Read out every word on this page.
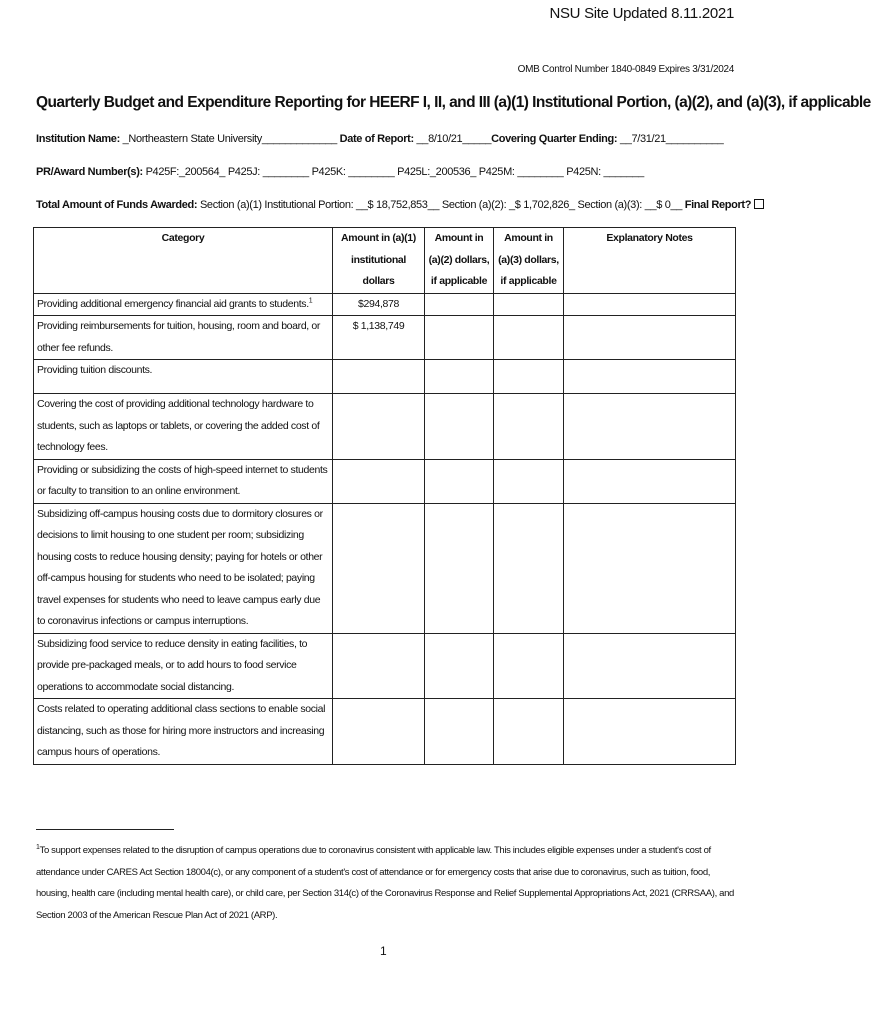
NSU Site Updated 8.11.2021
OMB Control Number 1840-0849 Expires 3/31/2024
Quarterly Budget and Expenditure Reporting for HEERF I, II, and III (a)(1) Institutional Portion, (a)(2), and (a)(3), if applicable
Institution Name: _Northeastern State University_____________ Date of Report: __8/10/21_____Covering Quarter Ending: __7/31/21__________
PR/Award Number(s): P425F:_200564_ P425J: ________ P425K: ________ P425L:_200536_ P425M: ________ P425N: _______
Total Amount of Funds Awarded: Section (a)(1) Institutional Portion: __$ 18,752,853__ Section (a)(2): _$ 1,702,826_ Section (a)(3): __$ 0__ Final Report?
Category	Amount in (a)(1) institutional dollars	Amount in (a)(2) dollars, if applicable	Amount in (a)(3) dollars, if applicable	Explanatory Notes
Providing additional emergency financial aid grants to students.$^1$	$294,878			
Providing reimbursements for tuition, housing, room and board, or other fee refunds.	$ 1,138,749			
Providing tuition discounts.				
Covering the cost of providing additional technology hardware to students, such as laptops or tablets, or covering the added cost of technology fees.				
Providing or subsidizing the costs of high-speed internet to students or faculty to transition to an online environment.				
Subsidizing off-campus housing costs due to dormitory closures or decisions to limit housing to one student per room; subsidizing housing costs to reduce housing density; paying for hotels or other off-campus housing for students who need to be isolated; paying travel expenses for students who need to leave campus early due to coronavirus infections or campus interruptions.				
Subsidizing food service to reduce density in eating facilities, to provide pre-packaged meals, or to add hours to food service operations to accommodate social distancing.				
Costs related to operating additional class sections to enable social distancing, such as those for hiring more instructors and increasing campus hours of operations.				
$^1$To support expenses related to the disruption of campus operations due to coronavirus consistent with applicable law. This includes eligible expenses under a student's cost of attendance under CARES Act Section 18004(c), or any component of a student's cost of attendance or for emergency costs that arise due to coronavirus, such as tuition, food, housing, health care (including mental health care), or child care, per Section 314(c) of the Coronavirus Response and Relief Supplemental Appropriations Act, 2021 (CRRSAA), and Section 2003 of the American Rescue Plan Act of 2021 (ARP).
1
